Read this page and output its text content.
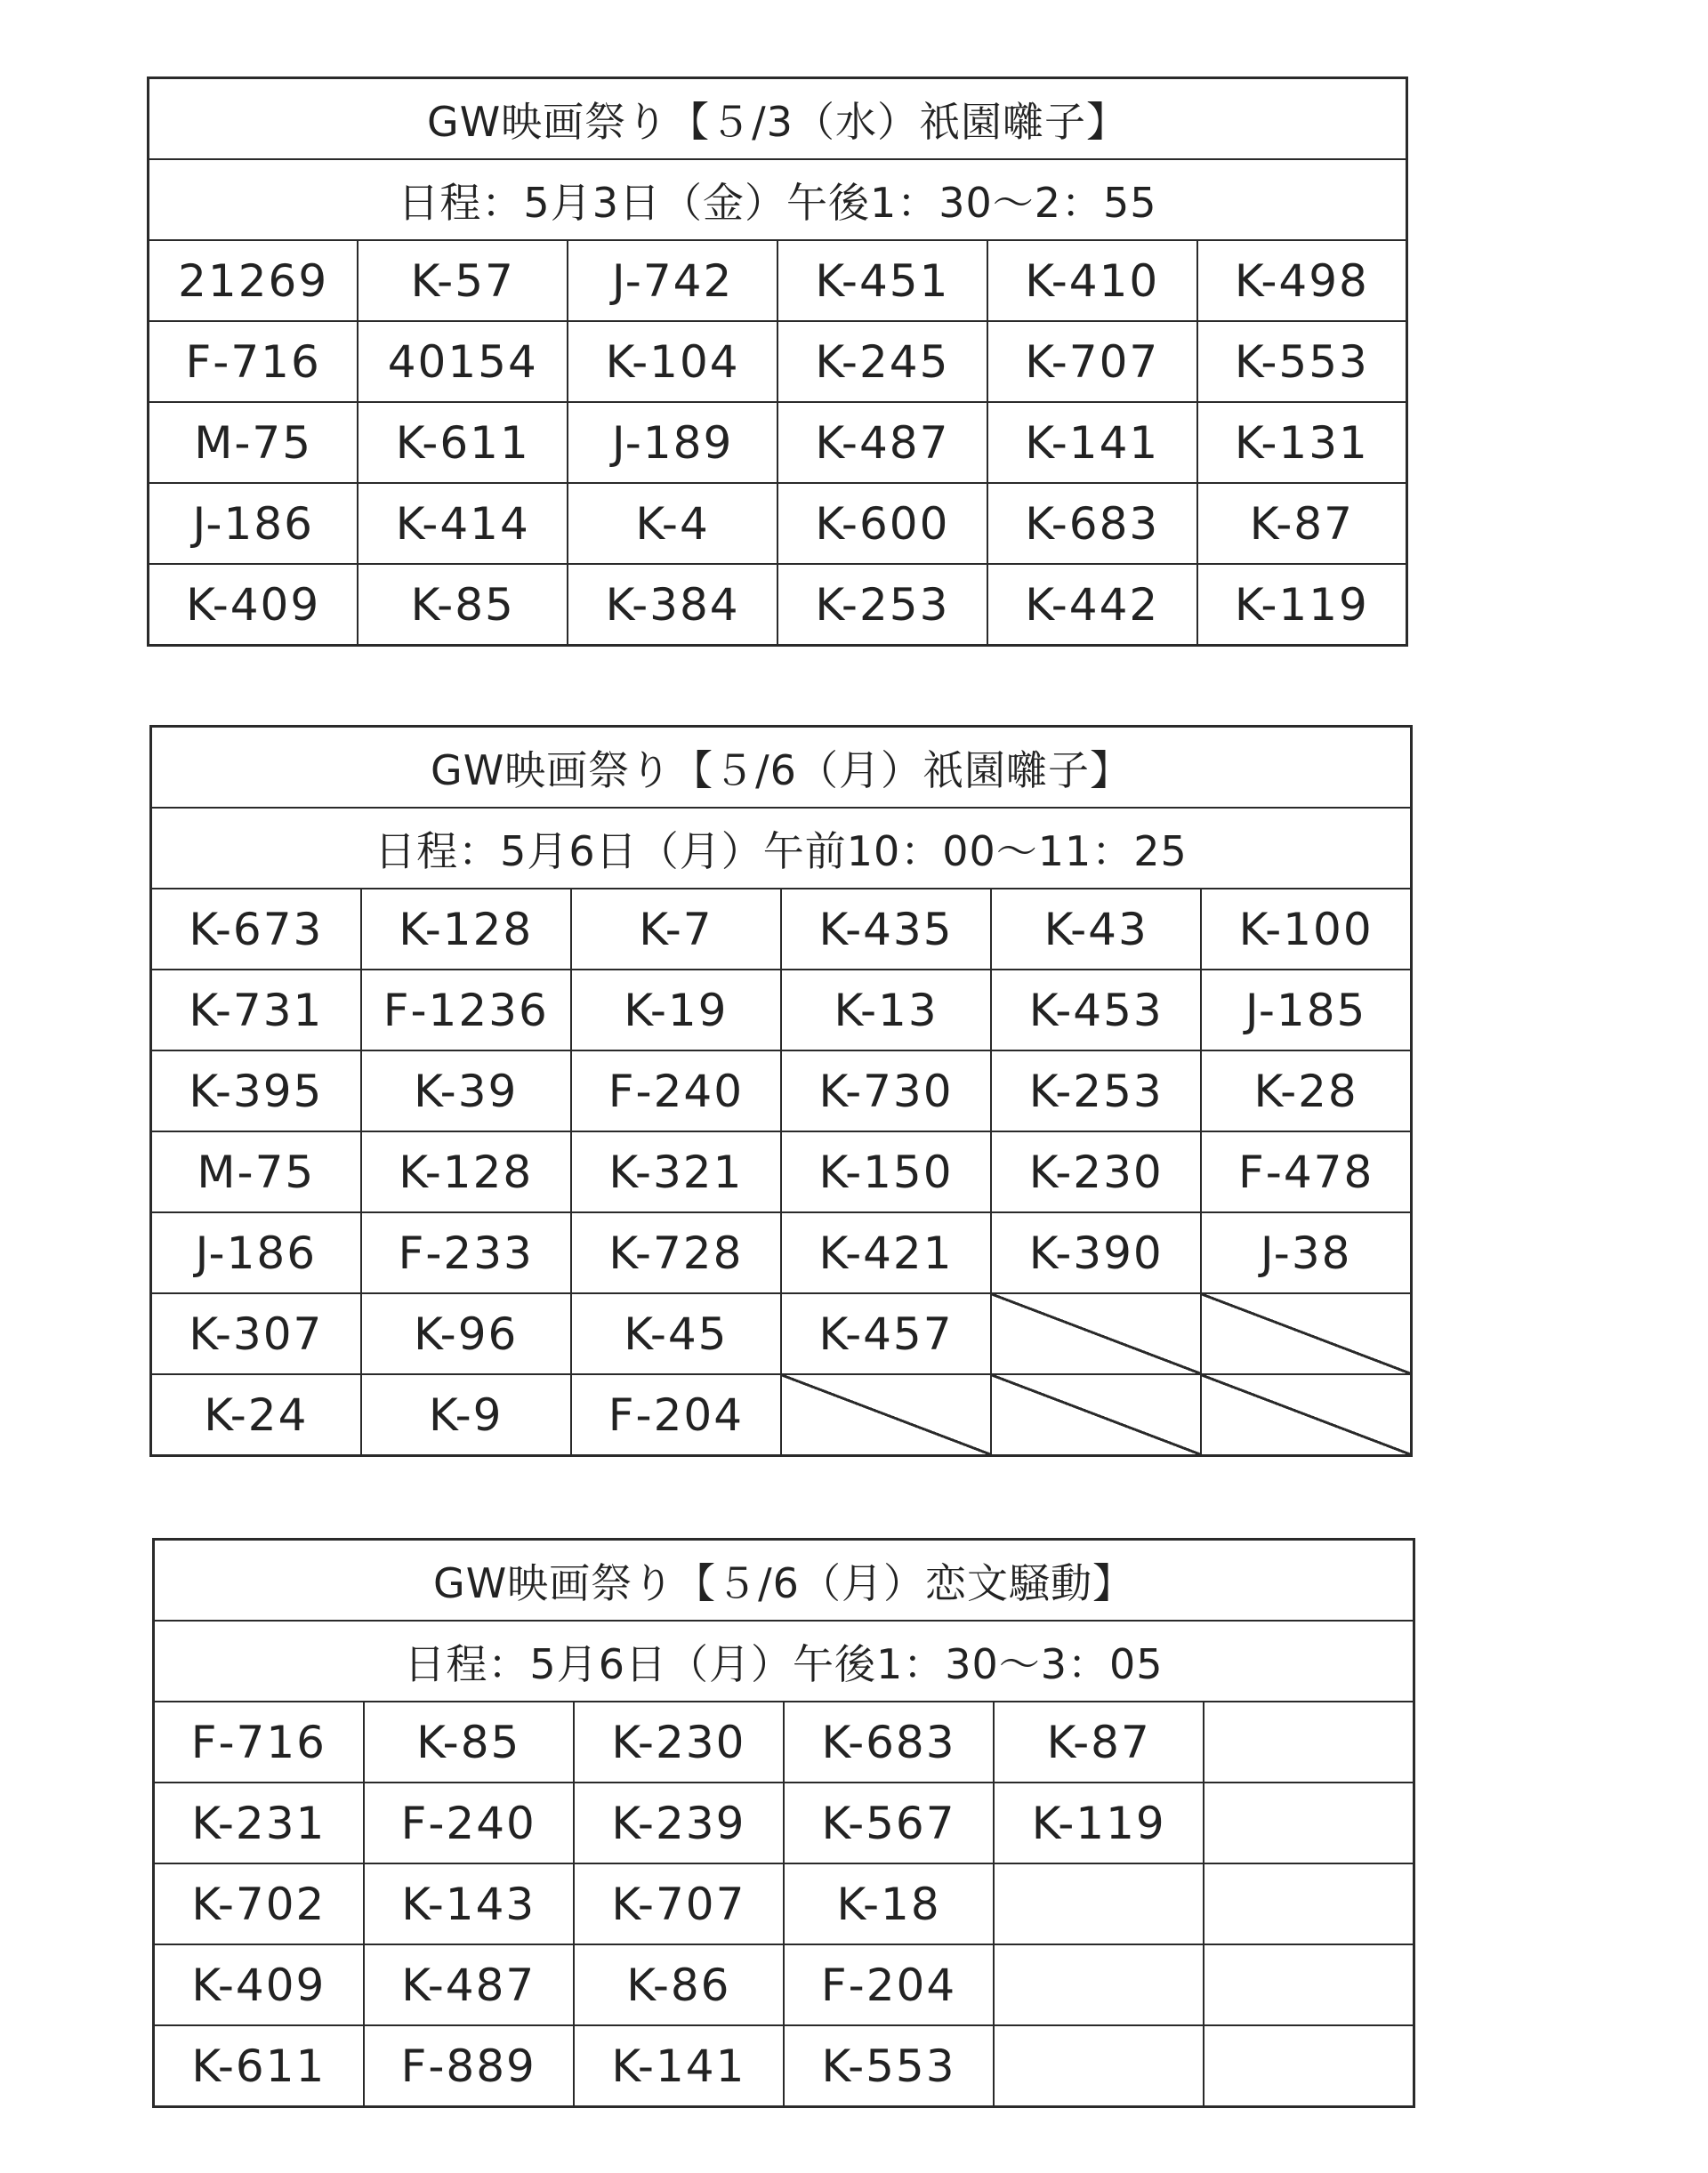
GW映画祭り【５/3（水）祇園囃子】					
日程：5月3日（金）午後1：30〜2：55					
21269	K-57	J-742	K-451	K-410	K-498
F-716	40154	K-104	K-245	K-707	K-553
M-75	K-611	J-189	K-487	K-141	K-131
J-186	K-414	K-4	K-600	K-683	K-87
K-409	K-85	K-384	K-253	K-442	K-119
GW映画祭り【５/6（月）祇園囃子】					
日程：5月6日（月）午前10：00〜11：25					
K-673	K-128	K-7	K-435	K-43	K-100
K-731	F-1236	K-19	K-13	K-453	J-185
K-395	K-39	F-240	K-730	K-253	K-28
M-75	K-128	K-321	K-150	K-230	F-478
J-186	F-233	K-728	K-421	K-390	J-38
K-307	K-96	K-45	K-457		
K-24	K-9	F-204			
GW映画祭り【５/6（月）恋文騒動】					
日程：5月6日（月）午後1：30〜3：05					
F-716	K-85	K-230	K-683	K-87	
K-231	F-240	K-239	K-567	K-119	
K-702	K-143	K-707	K-18		
K-409	K-487	K-86	F-204		
K-611	F-889	K-141	K-553		
